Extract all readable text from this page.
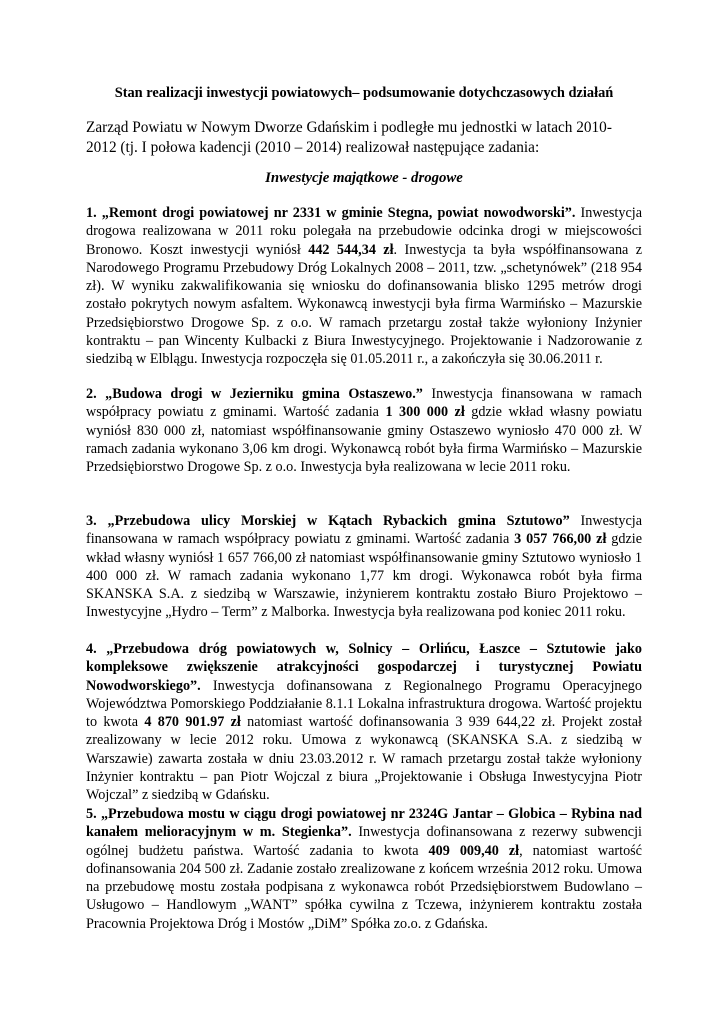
Stan realizacji inwestycji powiatowych– podsumowanie dotychczasowych działań
Zarząd Powiatu w Nowym Dworze Gdańskim i podległe mu jednostki w latach 2010-2012 (tj. I połowa kadencji (2010 – 2014) realizował następujące zadania:
Inwestycje majątkowe - drogowe
1. „Remont drogi powiatowej nr 2331 w gminie Stegna, powiat nowodworski”. Inwestycja drogowa realizowana w 2011 roku polegała na przebudowie odcinka drogi w miejscowości Bronowo. Koszt inwestycji wyniósł 442 544,34 zł. Inwestycja ta była współfinansowana z Narodowego Programu Przebudowy Dróg Lokalnych 2008 – 2011, tzw. „schetynówek” (218 954 zł). W wyniku zakwalifikowania się wniosku do dofinansowania blisko 1295 metrów drogi zostało pokrytych nowym asfaltem. Wykonawcą inwestycji była firma Warmińsko – Mazurskie Przedsiębiorstwo Drogowe Sp. z o.o. W ramach przetargu został także wyłoniony Inżynier kontraktu – pan Wincenty Kulbacki z Biura Inwestycyjnego. Projektowanie i Nadzorowanie z siedzibą w Elblągu. Inwestycja rozpoczęła się 01.05.2011 r., a zakończyła się 30.06.2011 r.
2. „Budowa drogi w Jezierniku gmina Ostaszewo.” Inwestycja finansowana w ramach współpracy powiatu z gminami. Wartość zadania 1 300 000 zł gdzie wkład własny powiatu wyniósł 830 000 zł, natomiast współfinansowanie gminy Ostaszewo wyniosło 470 000 zł. W ramach zadania wykonano 3,06 km drogi. Wykonawcą robót była firma Warmińsko – Mazurskie Przedsiębiorstwo Drogowe Sp. z o.o. Inwestycja była realizowana w lecie 2011 roku.
3. „Przebudowa ulicy Morskiej w Kątach Rybackich gmina Sztutowo” Inwestycja finansowana w ramach współpracy powiatu z gminami. Wartość zadania 3 057 766,00 zł gdzie wkład własny wyniósł 1 657 766,00 zł natomiast współfinansowanie gminy Sztutowo wyniosło 1 400 000 zł. W ramach zadania wykonano 1,77 km drogi. Wykonawca robót była firma SKANSKA S.A. z siedzibą w Warszawie, inżynierem kontraktu zostało Biuro Projektowo – Inwestycyjne „Hydro – Term” z Malborka. Inwestycja była realizowana pod koniec 2011 roku.
4. „Przebudowa dróg powiatowych w, Solnicy – Orlińcu, Łaszce – Sztutowie jako kompleksowe zwiększenie atrakcyjności gospodarczej i turystycznej Powiatu Nowodworskiego”. Inwestycja dofinansowana z Regionalnego Programu Operacyjnego Województwa Pomorskiego Poddziałanie 8.1.1 Lokalna infrastruktura drogowa. Wartość projektu to kwota 4 870 901.97 zł natomiast wartość dofinansowania 3 939 644,22 zł. Projekt został zrealizowany w lecie 2012 roku. Umowa z wykonawcą (SKANSKA S.A. z siedzibą w Warszawie) zawarta została w dniu 23.03.2012 r. W ramach przetargu został także wyłoniony Inżynier kontraktu – pan Piotr Wojczal z biura „Projektowanie i Obsługa Inwestycyjna Piotr Wojczal” z siedzibą w Gdańsku.
5. „Przebudowa mostu w ciągu drogi powiatowej nr 2324G Jantar – Globica – Rybina nad kanałem melioracyjnym w m. Stegienka”. Inwestycja dofinansowana z rezerwy subwencji ogólnej budżetu państwa. Wartość zadania to kwota 409 009,40 zł, natomiast wartość dofinansowania 204 500 zł. Zadanie zostało zrealizowane z końcem września 2012 roku. Umowa na przebudowę mostu została podpisana z wykonawca robót Przedsiębiorstwem Budowlano – Usługowo – Handlowym „WANT” spółka cywilna z Tczewa, inżynierem kontraktu została Pracownia Projektowa Dróg i Mostów „DiM” Spółka zo.o. z Gdańska.
